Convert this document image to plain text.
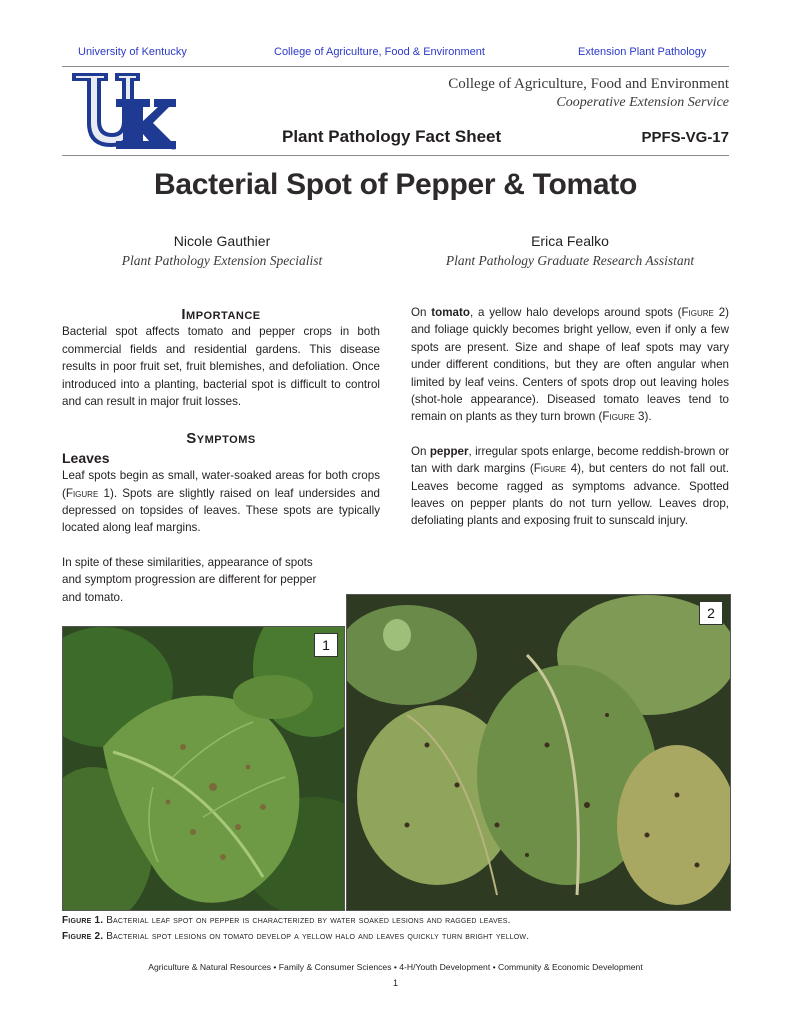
University of Kentucky	College of Agriculture, Food & Environment	Extension Plant Pathology
®
College of Agriculture, Food and Environment
Cooperative Extension Service
Plant Pathology Fact Sheet	PPFS-VG-17
Bacterial Spot of Pepper & Tomato
Nicole Gauthier
Plant Pathology Extension Specialist
Erica Fealko
Plant Pathology Graduate Research Assistant
Importance

Bacterial spot affects tomato and pepper crops in both commercial fields and residential gardens. This disease results in poor fruit set, fruit blemishes, and defoliation. Once introduced into a planting, bacterial spot is difficult to control and can result in major fruit losses.

Symptoms
Leaves

Leaf spots begin as small, water-soaked areas for both crops (Figure 1). Spots are slightly raised on leaf undersides and depressed on topsides of leaves. These spots are typically located along leaf margins.

In spite of these similarities, appearance of spots and symptom progression are different for pepper and tomato.

On tomato, a yellow halo develops around spots (Figure 2) and foliage quickly becomes bright yellow, even if only a few spots are present. Size and shape of leaf spots may vary under different conditions, but they are often angular when limited by leaf veins. Centers of spots drop out leaving holes (shot-hole appearance). Diseased tomato leaves tend to remain on plants as they turn brown (Figure 3).

On pepper, irregular spots enlarge, become reddish-brown or tan with dark margins (Figure 4), but centers do not fall out. Leaves become ragged as symptoms advance. Spotted leaves on pepper plants do not turn yellow. Leaves drop, defoliating plants and exposing fruit to sunscald injury.

1
2
Figure 1. Bacterial leaf spot on pepper is characterized by water soaked lesions and ragged leaves.
Figure 2. Bacterial spot lesions on tomato develop a yellow halo and leaves quickly turn bright yellow.
Agriculture & Natural Resources • Family & Consumer Sciences • 4-H/Youth Development • Community & Economic Development
1
